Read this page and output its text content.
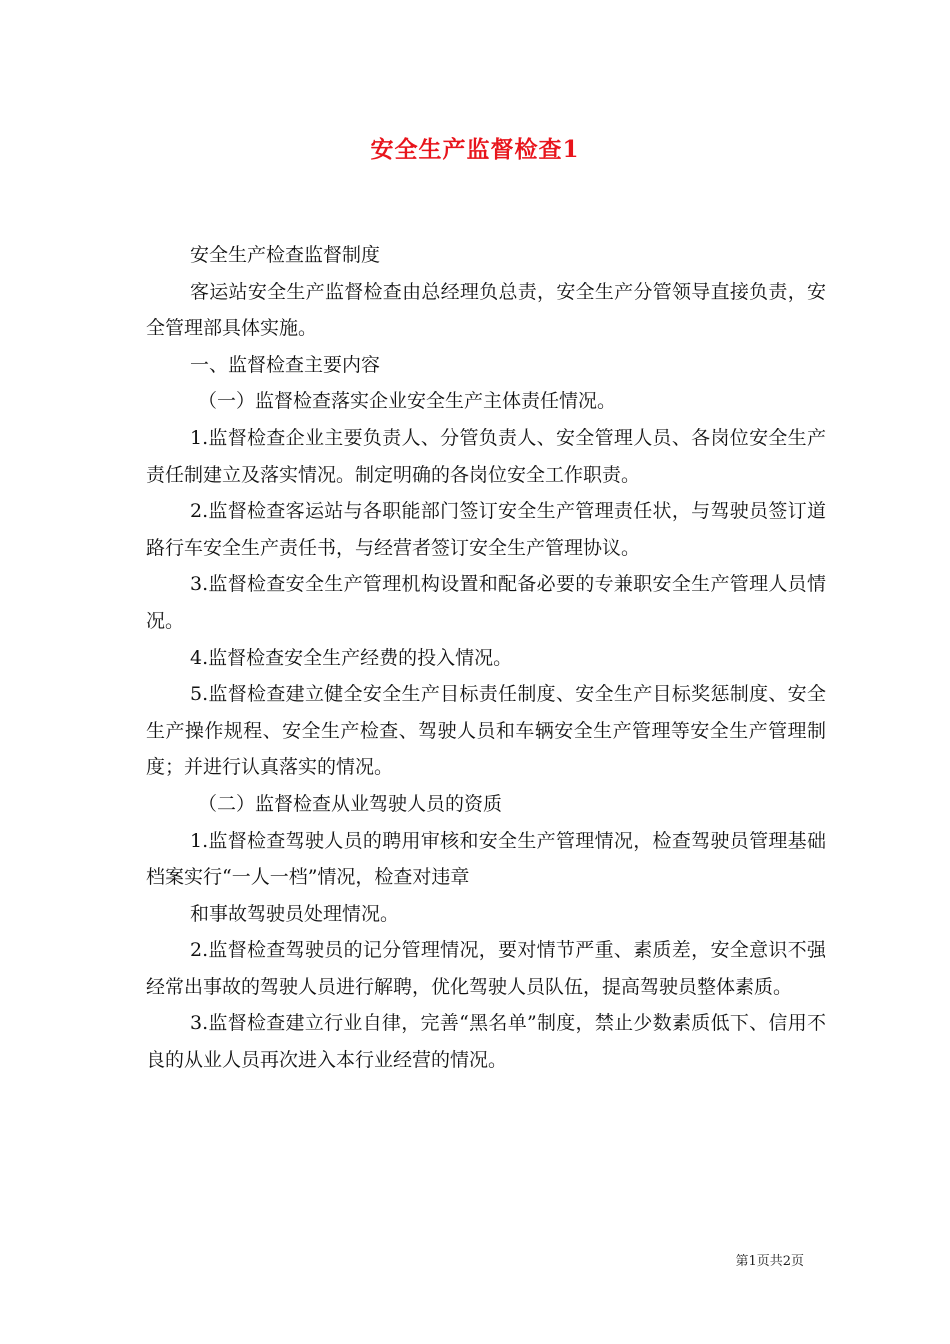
安全生产监督检查1

安全生产检查监督制度

客运站安全生产监督检查由总经理负总责，安全生产分管领导直接负责，安全管理部具体实施。

一、监督检查主要内容

（一）监督检查落实企业安全生产主体责任情况。

1.监督检查企业主要负责人、分管负责人、安全管理人员、各岗位安全生产责任制建立及落实情况。制定明确的各岗位安全工作职责。

2.监督检查客运站与各职能部门签订安全生产管理责任状，与驾驶员签订道路行车安全生产责任书，与经营者签订安全生产管理协议。

3.监督检查安全生产管理机构设置和配备必要的专兼职安全生产管理人员情况。

4.监督检查安全生产经费的投入情况。

5.监督检查建立健全安全生产目标责任制度、安全生产目标奖惩制度、安全生产操作规程、安全生产检查、驾驶人员和车辆安全生产管理等安全生产管理制度；并进行认真落实的情况。

（二）监督检查从业驾驶人员的资质

1.监督检查驾驶人员的聘用审核和安全生产管理情况，检查驾驶员管理基础档案实行“一人一档”情况，检查对违章

和事故驾驶员处理情况。

2.监督检查驾驶员的记分管理情况，要对情节严重、素质差，安全意识不强经常出事故的驾驶人员进行解聘，优化驾驶人员队伍，提高驾驶员整体素质。

3.监督检查建立行业自律，完善“黑名单”制度，禁止少数素质低下、信用不良的从业人员再次进入本行业经营的情况。

第1页共2页
